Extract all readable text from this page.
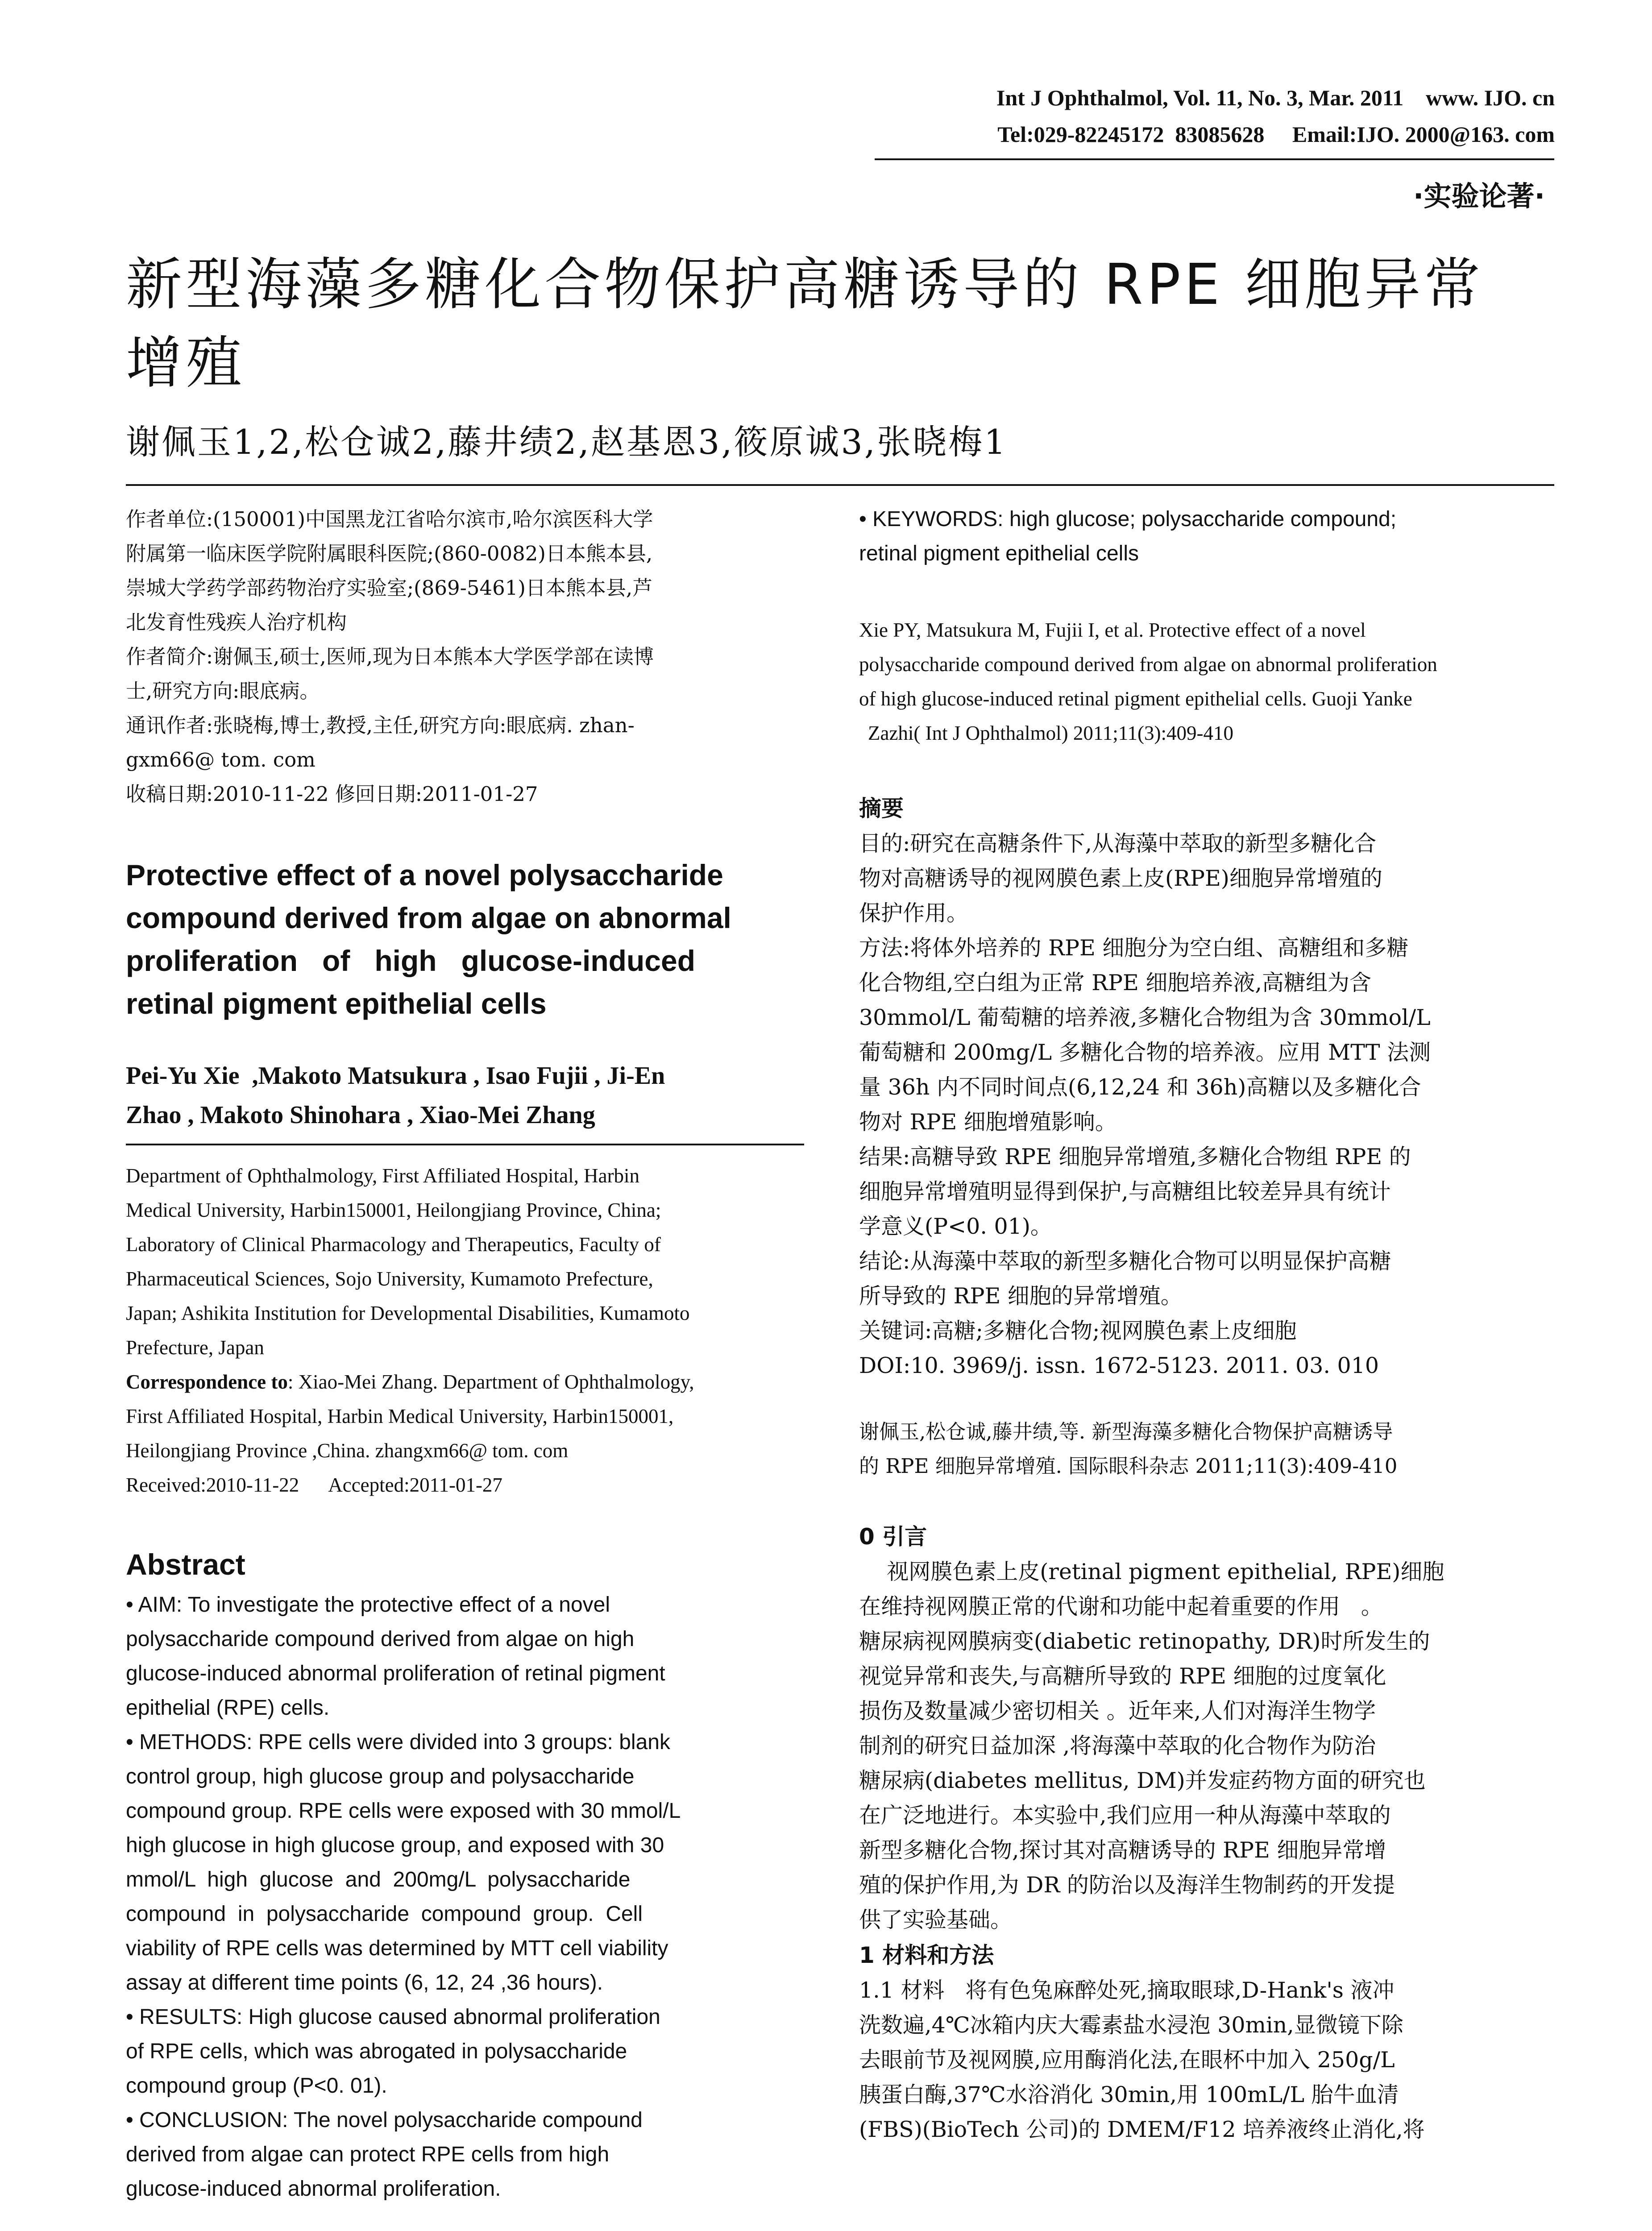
Int J Ophthalmol, Vol. 11, No. 3, Mar. 2011    www. IJO. cn
Tel:029-82245172  83085628     Email:IJO. 2000@163. com
·实验论著·
新型海藻多糖化合物保护高糖诱导的 RPE 细胞异常
增殖
谢佩玉1,2,松仓诚2,藤井绩2,赵基恩3,筱原诚3,张晓梅1

作者单位:(150001)中国黑龙江省哈尔滨市,哈尔滨医科大学

附属第一临床医学院附属眼科医院;(860-0082)日本熊本县,

崇城大学药学部药物治疗实验室;(869-5461)日本熊本县,芦

北发育性残疾人治疗机构

作者简介:谢佩玉,硕士,医师,现为日本熊本大学医学部在读博

士,研究方向:眼底病。

通讯作者:张晓梅,博士,教授,主任,研究方向:眼底病. zhan-

gxm66@ tom. com

收稿日期:2010-11-22 修回日期:2011-01-27

Protective effect of a novel polysaccharide

compound derived from algae on abnormal

proliferation   of   high   glucose-induced

retinal pigment epithelial cells

Pei-Yu Xie  ,Makoto Matsukura , Isao Fujii , Ji-En

Zhao , Makoto Shinohara , Xiao-Mei Zhang

Department of Ophthalmology, First Affiliated Hospital, Harbin

Medical University, Harbin150001, Heilongjiang Province, China;

Laboratory of Clinical Pharmacology and Therapeutics, Faculty of

Pharmaceutical Sciences, Sojo University, Kumamoto Prefecture,

Japan; Ashikita Institution for Developmental Disabilities, Kumamoto

Prefecture, Japan

Correspondence to: Xiao-Mei Zhang. Department of Ophthalmology,

First Affiliated Hospital, Harbin Medical University, Harbin150001,

Heilongjiang Province ,China. zhangxm66@ tom. com

Received:2010-11-22      Accepted:2011-01-27

Abstract

• AIM: To investigate the protective effect of a novel

polysaccharide compound derived from algae on high

glucose-induced abnormal proliferation of retinal pigment

epithelial (RPE) cells.

• METHODS: RPE cells were divided into 3 groups: blank

control group, high glucose group and polysaccharide

compound group. RPE cells were exposed with 30 mmol/L

high glucose in high glucose group, and exposed with 30

mmol/L  high  glucose  and  200mg/L  polysaccharide

compound  in  polysaccharide  compound  group.  Cell

viability of RPE cells was determined by MTT cell viability

assay at different time points (6, 12, 24 ,36 hours).

• RESULTS: High glucose caused abnormal proliferation

of RPE cells, which was abrogated in polysaccharide

compound group (P<0. 01).

• CONCLUSION: The novel polysaccharide compound

derived from algae can protect RPE cells from high

glucose-induced abnormal proliferation.

• KEYWORDS: high glucose; polysaccharide compound;

retinal pigment epithelial cells

Xie PY, Matsukura M, Fujii I, et al. Protective effect of a novel

polysaccharide compound derived from algae on abnormal proliferation

of high glucose-induced retinal pigment epithelial cells. Guoji Yanke

Zazhi( Int J Ophthalmol) 2011;11(3):409-410

摘要

目的:研究在高糖条件下,从海藻中萃取的新型多糖化合

物对高糖诱导的视网膜色素上皮(RPE)细胞异常增殖的

保护作用。

方法:将体外培养的 RPE 细胞分为空白组、高糖组和多糖

化合物组,空白组为正常 RPE 细胞培养液,高糖组为含

30mmol/L 葡萄糖的培养液,多糖化合物组为含 30mmol/L

葡萄糖和 200mg/L 多糖化合物的培养液。应用 MTT 法测

量 36h 内不同时间点(6,12,24 和 36h)高糖以及多糖化合

物对 RPE 细胞增殖影响。

结果:高糖导致 RPE 细胞异常增殖,多糖化合物组 RPE 的

细胞异常增殖明显得到保护,与高糖组比较差异具有统计

学意义(P<0. 01)。

结论:从海藻中萃取的新型多糖化合物可以明显保护高糖

所导致的 RPE 细胞的异常增殖。

关键词:高糖;多糖化合物;视网膜色素上皮细胞

DOI:10. 3969/j. issn. 1672-5123. 2011. 03. 010

谢佩玉,松仓诚,藤井绩,等. 新型海藻多糖化合物保护高糖诱导

的 RPE 细胞异常增殖. 国际眼科杂志 2011;11(3):409-410

0 引言

视网膜色素上皮(retinal pigment epithelial, RPE)细胞

在维持视网膜正常的代谢和功能中起着重要的作用   。

糖尿病视网膜病变(diabetic retinopathy, DR)时所发生的

视觉异常和丧失,与高糖所导致的 RPE 细胞的过度氧化

损伤及数量减少密切相关 。近年来,人们对海洋生物学

制剂的研究日益加深 ,将海藻中萃取的化合物作为防治

糖尿病(diabetes mellitus, DM)并发症药物方面的研究也

在广泛地进行。本实验中,我们应用一种从海藻中萃取的

新型多糖化合物,探讨其对高糖诱导的 RPE 细胞异常增

殖的保护作用,为 DR 的防治以及海洋生物制药的开发提

供了实验基础。

1 材料和方法

1.1 材料   将有色兔麻醉处死,摘取眼球,D-Hank's 液冲

洗数遍,4℃冰箱内庆大霉素盐水浸泡 30min,显微镜下除

去眼前节及视网膜,应用酶消化法,在眼杯中加入 250g/L

胰蛋白酶,37℃水浴消化 30min,用 100mL/L 胎牛血清

(FBS)(BioTech 公司)的 DMEM/F12 培养液终止消化,将
